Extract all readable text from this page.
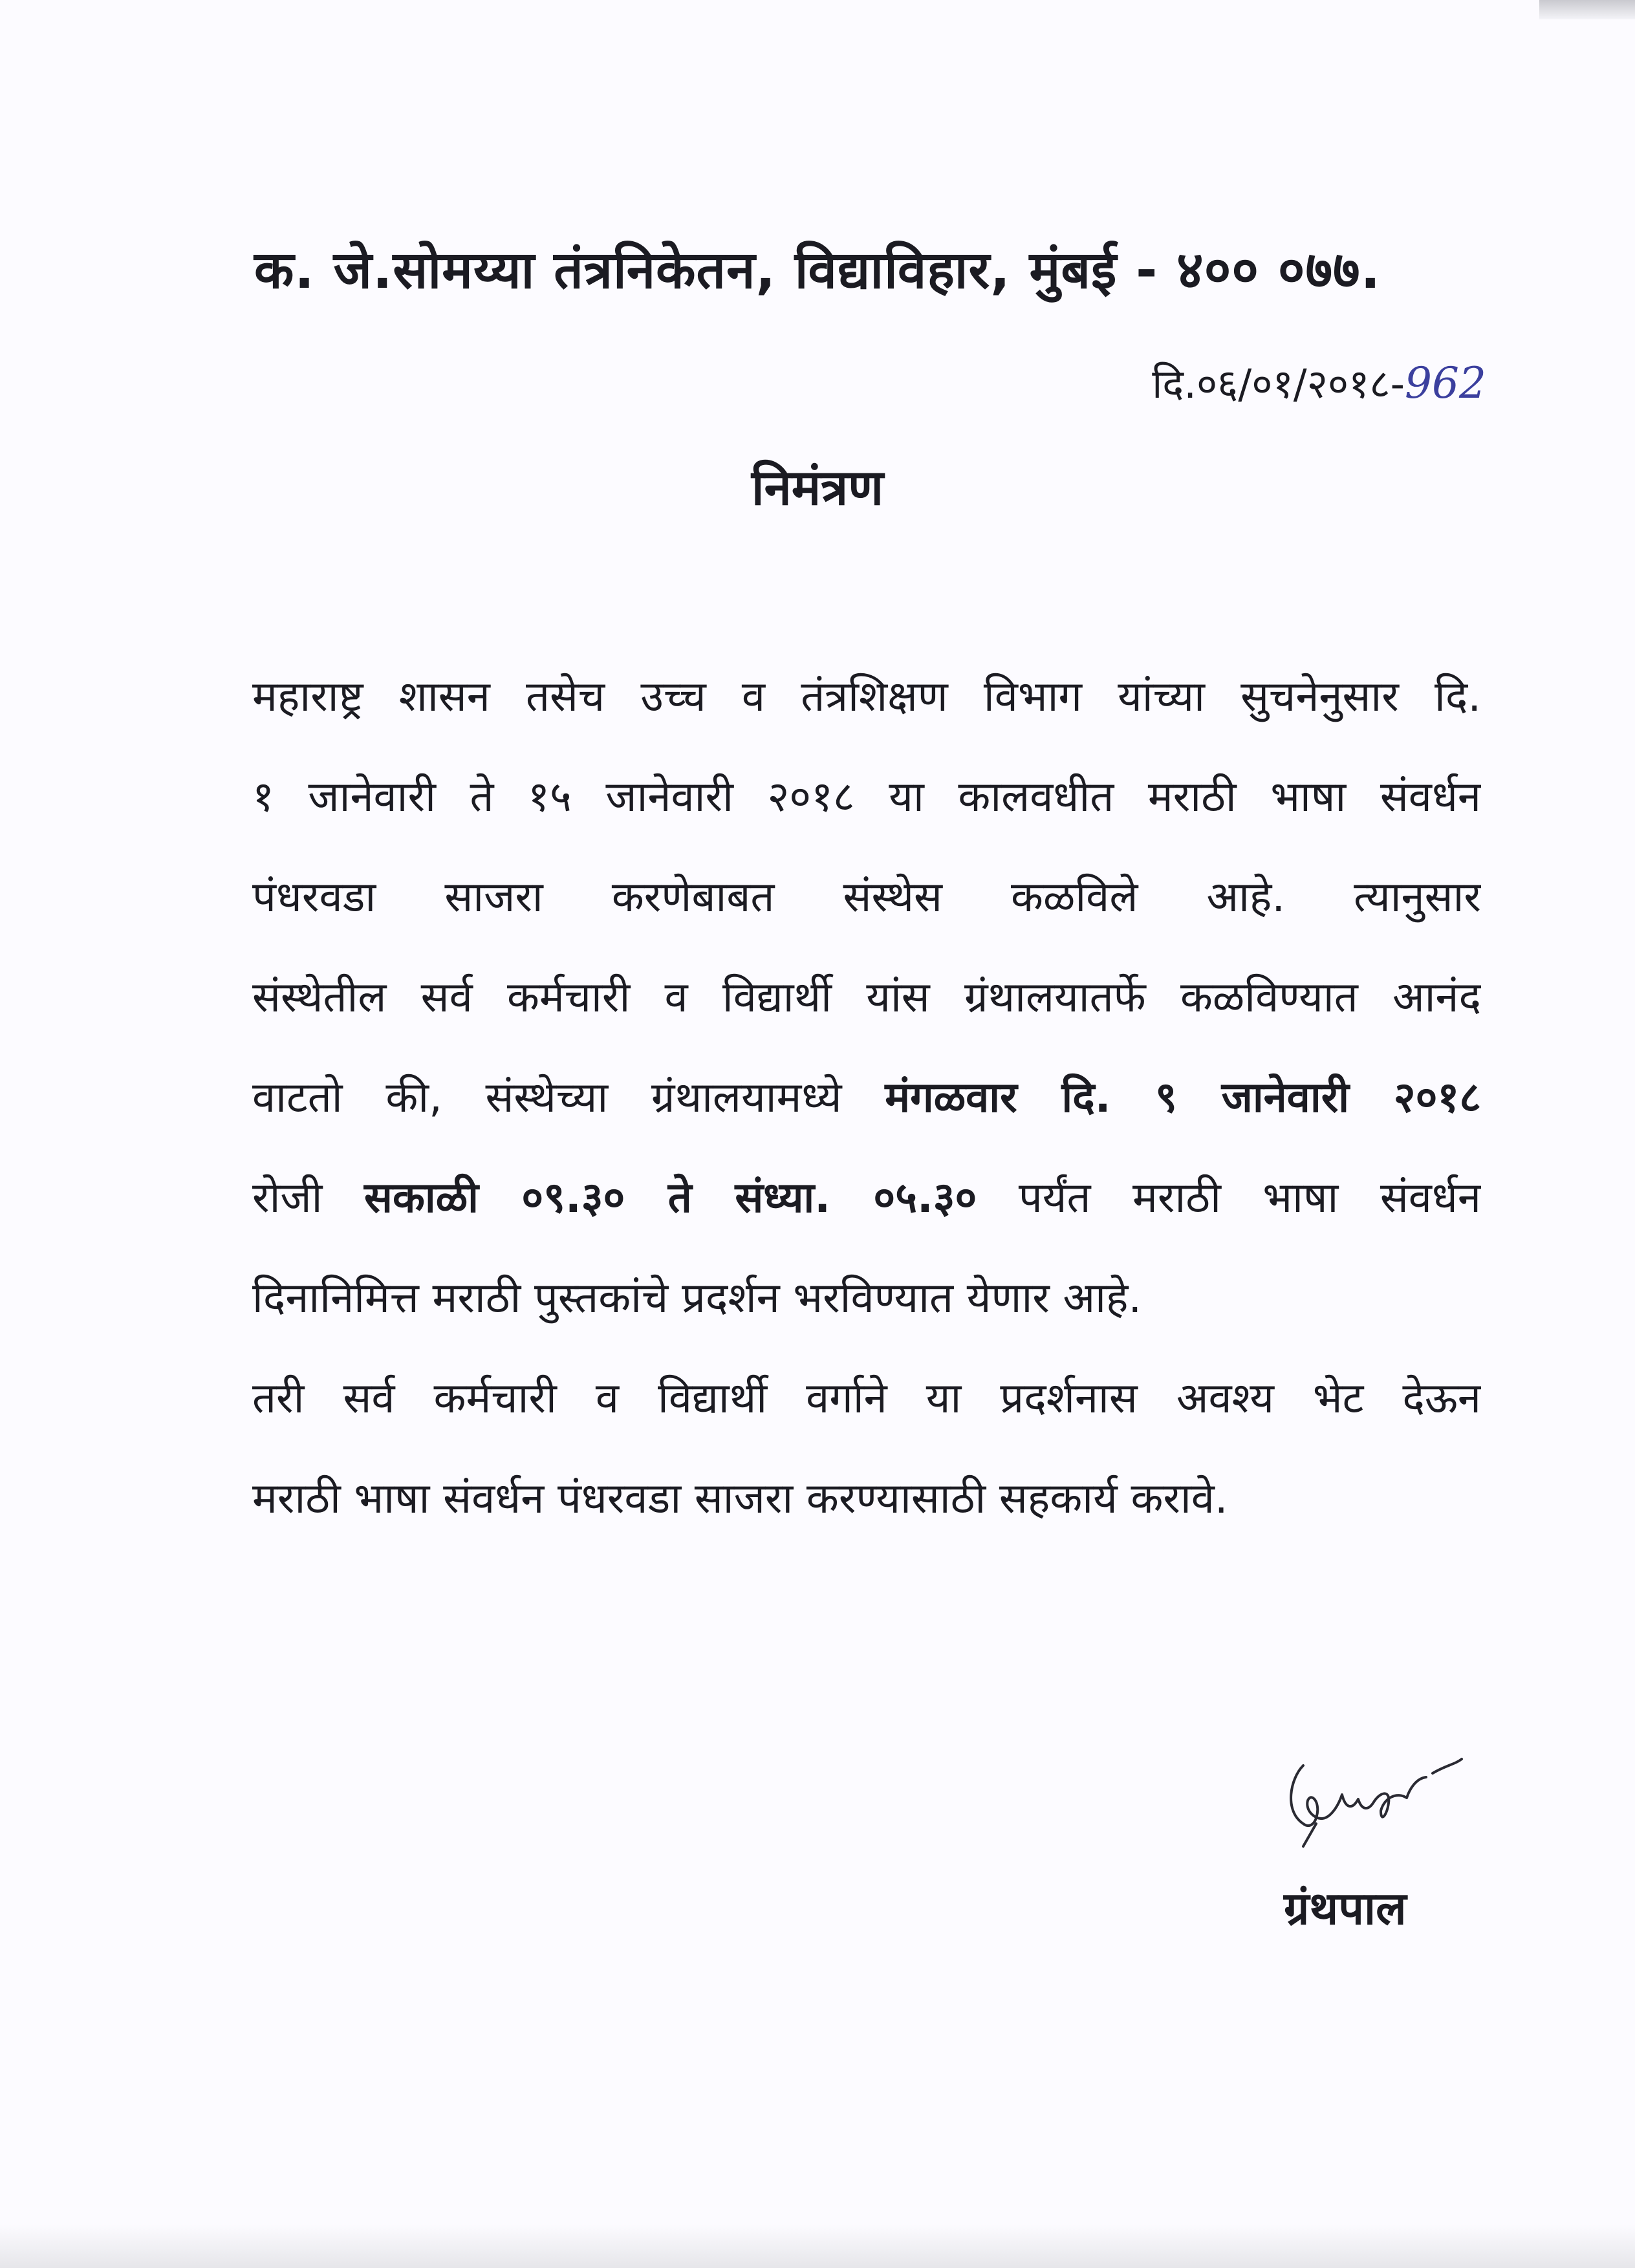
क. जे.सोमय्या तंत्रनिकेतन, विद्याविहार, मुंबई - ४०० ०७७.
दि.०६/०१/२०१८-962
निमंत्रण
महाराष्ट्र शासन तसेच उच्च व तंत्रशिक्षण विभाग यांच्या सुचनेनुसार दि.
१ जानेवारी ते १५ जानेवारी २०१८ या कालवधीत मराठी भाषा संवर्धन
पंधरवडा साजरा करणेबाबत संस्थेस कळविले आहे. त्यानुसार
संस्थेतील सर्व कर्मचारी व विद्यार्थी यांस ग्रंथालयातर्फे कळविण्यात आनंद
वाटतो की, संस्थेच्या ग्रंथालयामध्ये मंगळवार दि. ९ जानेवारी २०१८
रोजी सकाळी ०९.३० ते संध्या. ०५.३० पर्यंत मराठी भाषा संवर्धन
दिनानिमित्त मराठी पुस्तकांचे प्रदर्शन भरविण्यात येणार आहे.
तरी सर्व कर्मचारी व विद्यार्थी वर्गाने या प्रदर्शनास अवश्य भेट देऊन
मराठी भाषा संवर्धन पंधरवडा साजरा करण्यासाठी सहकार्य करावे.
ग्रंथपाल
